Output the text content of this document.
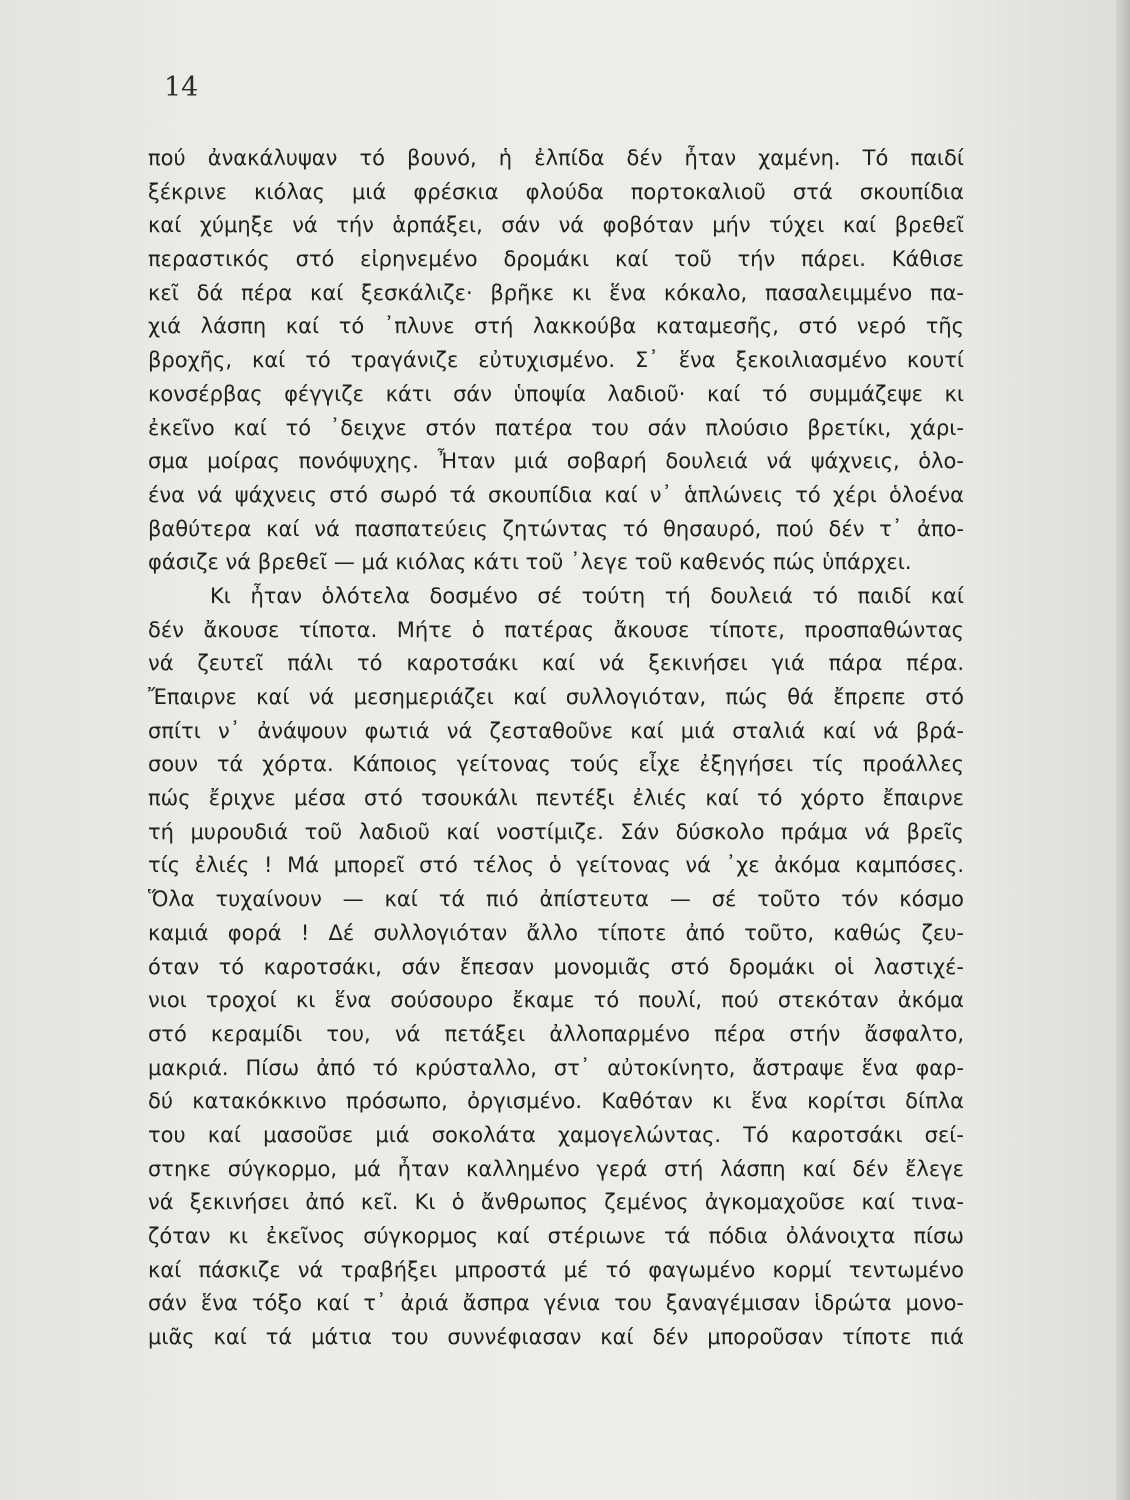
14
πού ἀνακάλυψαν τό βουνό, ἡ ἐλπίδα δέν ἦταν χαμένη. Τό παιδί
ξέκρινε κιόλας μιά φρέσκια φλούδα πορτοκαλιοῦ στά σκουπίδια
καί χύμηξε νά τήν ἁρπάξει, σάν νά φοβόταν μήν τύχει καί βρεθεῖ
περαστικός στό εἰρηνεμένο δρομάκι καί τοῦ τήν πάρει. Κάθισε
κεῖ δά πέρα καί ξεσκάλιζε· βρῆκε κι ἕνα κόκαλο, πασαλειμμένο πα-
χιά λάσπη καί τό ᾿πλυνε στή λακκούβα καταμεσῆς, στό νερό τῆς
βροχῆς, καί τό τραγάνιζε εὐτυχισμένο. Σ᾿ ἕνα ξεκοιλιασμένο κουτί
κονσέρβας φέγγιζε κάτι σάν ὑποψία λαδιοῦ· καί τό συμμάζεψε κι
ἐκεῖνο καί τό ᾿δειχνε στόν πατέρα του σάν πλούσιο βρετίκι, χάρι-
σμα μοίρας πονόψυχης. Ἦταν μιά σοβαρή δουλειά νά ψάχνεις, ὁλο-
ένα νά ψάχνεις στό σωρό τά σκουπίδια καί ν᾿ ἁπλώνεις τό χέρι ὁλοένα
βαθύτερα καί νά πασπατεύεις ζητώντας τό θησαυρό, πού δέν τ᾿ ἀπο-
φάσιζε νά βρεθεῖ — μά κιόλας κάτι τοῦ ᾿λεγε τοῦ καθενός πώς ὑπάρχει.
Κι ἦταν ὁλότελα δοσμένο σέ τούτη τή δουλειά τό παιδί καί
δέν ἄκουσε τίποτα. Μήτε ὁ πατέρας ἄκουσε τίποτε, προσπαθώντας
νά ζευτεῖ πάλι τό καροτσάκι καί νά ξεκινήσει γιά πάρα πέρα.
Ἔπαιρνε καί νά μεσημεριάζει καί συλλογιόταν, πώς θά ἔπρεπε στό
σπίτι ν᾿ ἀνάψουν φωτιά νά ζεσταθοῦνε καί μιά σταλιά καί νά βρά-
σουν τά χόρτα. Κάποιος γείτονας τούς εἶχε ἐξηγήσει τίς προάλλες
πώς ἔριχνε μέσα στό τσουκάλι πεντέξι ἐλιές καί τό χόρτο ἔπαιρνε
τή μυρουδιά τοῦ λαδιοῦ καί νοστίμιζε. Σάν δύσκολο πράμα νά βρεῖς
τίς ἐλιές ! Μά μπορεῖ στό τέλος ὁ γείτονας νά ᾿χε ἀκόμα καμπόσες.
Ὅλα τυχαίνουν — καί τά πιό ἀπίστευτα — σέ τοῦτο τόν κόσμο
καμιά φορά ! Δέ συλλογιόταν ἄλλο τίποτε ἀπό τοῦτο, καθώς ζευ-
όταν τό καροτσάκι, σάν ἔπεσαν μονομιᾶς στό δρομάκι οἱ λαστιχέ-
νιοι τροχοί κι ἕνα σούσουρο ἔκαμε τό πουλί, πού στεκόταν ἀκόμα
στό κεραμίδι του, νά πετάξει ἀλλοπαρμένο πέρα στήν ἄσφαλτο,
μακριά. Πίσω ἀπό τό κρύσταλλο, στ᾿ αὐτοκίνητο, ἄστραψε ἕνα φαρ-
δύ κατακόκκινο πρόσωπο, ὀργισμένο. Καθόταν κι ἕνα κορίτσι δίπλα
του καί μασοῦσε μιά σοκολάτα χαμογελώντας. Τό καροτσάκι σεί-
στηκε σύγκορμο, μά ἦταν καλλημένο γερά στή λάσπη καί δέν ἔλεγε
νά ξεκινήσει ἀπό κεῖ. Κι ὁ ἄνθρωπος ζεμένος ἀγκομαχοῦσε καί τινα-
ζόταν κι ἐκεῖνος σύγκορμος καί στέριωνε τά πόδια ὀλάνοιχτα πίσω
καί πάσκιζε νά τραβήξει μπροστά μέ τό φαγωμένο κορμί τεντωμένο
σάν ἕνα τόξο καί τ᾿ ἀριά ἄσπρα γένια του ξαναγέμισαν ἱδρώτα μονο-
μιᾶς καί τά μάτια του συννέφιασαν καί δέν μποροῦσαν τίποτε πιά
